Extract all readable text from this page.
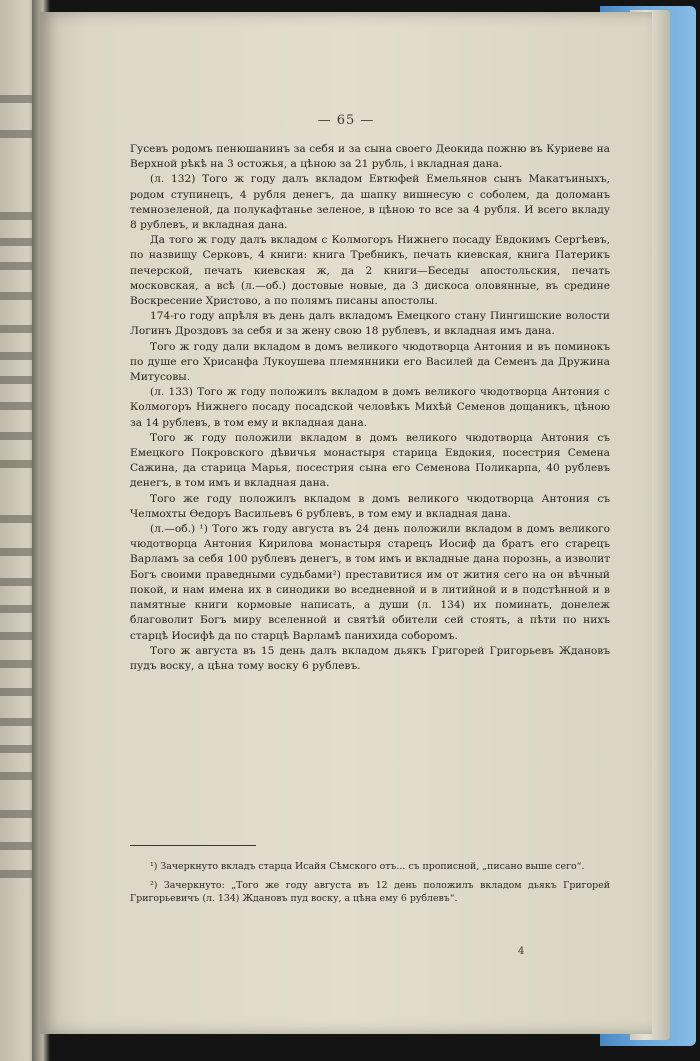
— 65 —

Гусевъ родомъ пенюшанинъ за себя и за сына своего Деокида пожню въ Куриеве на Верхной рѣкѣ на 3 остожья, а цѣною за 21 рубль, і вкладная дана.

(л. 132) Того ж году далъ вкладом Евтюфей Емельянов сынъ Макатъиныхъ, родом ступинецъ, 4 рубля денегъ, да шапку вишнесую с соболем, да доломанъ темнозеленой, да полукафтанье зеленое, в цѣною то все за 4 рубля. И всего вкладу 8 рублевъ, и вкладная дана.

Да того ж году далъ вкладом с Колмогоръ Нижнего посаду Евдокимъ Сергѣевъ, по назвищу Серковъ, 4 книги: книга Требникъ, печать киевская, книга Патерикъ печерской, печать киевская ж, да 2 книги—Беседы апостольския, печать московская, а всѣ (л.—об.) достовые новые, да 3 дискоса оловянные, въ средине Воскресение Христово, а по полямъ писаны апостолы.

174-го году апрѣля въ день далъ вкладомъ Емецкого стану Пингишские волости Логинъ Дроздовъ за себя и за жену свою 18 рублевъ, и вкладная имъ дана.

Того ж году дали вкладом в домъ великого чюдотворца Антония и въ поминокъ по душе его Хрисанфа Лукоушева племянники его Василей да Семенъ да Дружина Митусовы.

(л. 133) Того ж году положилъ вкладом в домъ великого чюдотворца Антония с Колмогоръ Нижнего посаду посадской человѣкъ Михѣй Семенов дощаникъ, цѣною за 14 рублевъ, в том ему и вкладная дана.

Того ж году положили вкладом в домъ великого чюдотворца Антония съ Емецкого Покровского дѣвичья монастыря старица Евдокия, посестрия Семена Сажина, да старица Марья, посестрия сына его Семенова Поликарпа, 40 рублевъ денегъ, в том имъ и вкладная дана.

Того же году положилъ вкладом в домъ великого чюдотворца Антония съ Челмохты Өедоръ Васильевъ 6 рублевъ, в том ему и вкладная дана.

(л.—об.) ¹) Того жъ году августа въ 24 день положили вкладом в домъ великого чюдотворца Антония Кирилова монастыря старецъ Иосиф да братъ его старецъ Варламъ за себя 100 рублевъ денегъ, в том имъ и вкладные дана порознь, а изволит Богъ своими праведными судьбами²) преставитися им от жития сего на он вѣчный покой, и нам имена их в синодики во вседневной и в литийной и в подстѣнной и в памятные книги кормовые написать, а души (л. 134) их поминать, донележ благоволит Богъ миру вселенной и святѣй обители сей стоять, а пѣти по нихъ старцѣ Иосифѣ да по старцѣ Варламѣ панихида соборомъ.

Того ж августа въ 15 день далъ вкладом дьякъ Григорей Григорьевъ Ждановъ пудъ воску, а цѣна тому воску 6 рублевъ.

¹) Зачеркнуто вкладъ старца Исайя Сѣмского отъ... съ прописной, „писано выше сего“.

²) Зачеркнуто: „Того же году августа въ 12 день положилъ вкладом дьякъ Григорей Григорьевичъ (л. 134) Ждановъ пуд воску, а цѣна ему 6 рублевъ“.

4
